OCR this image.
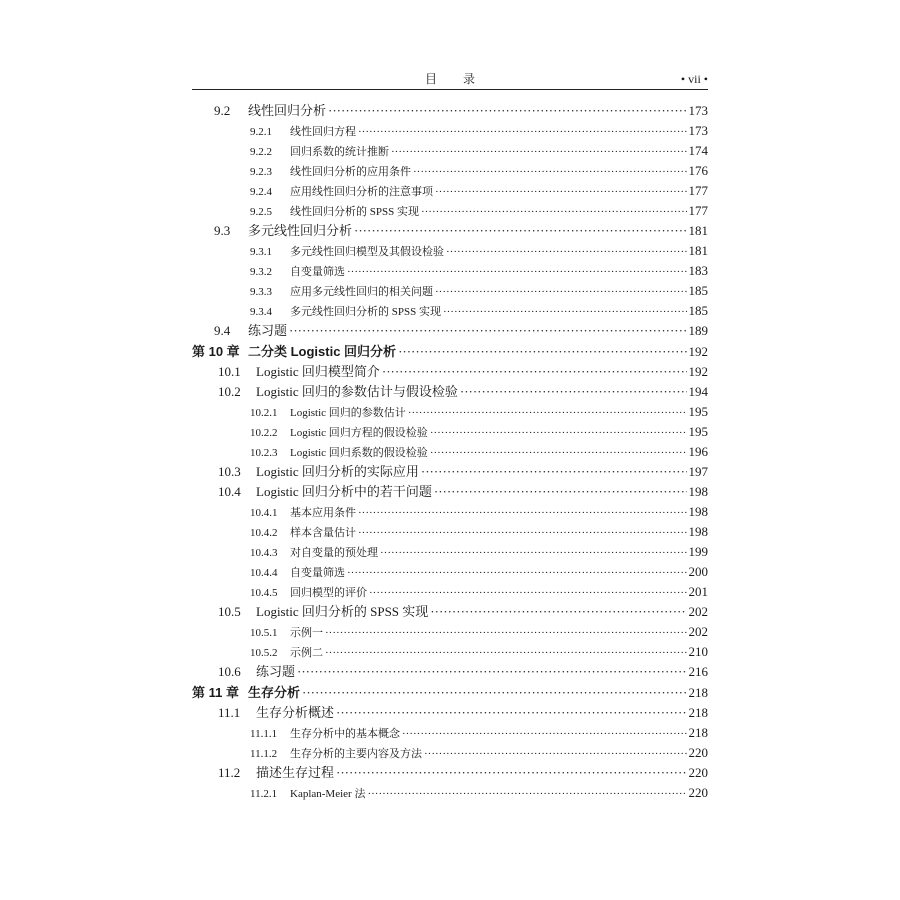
目录	• vii •
9.2	线性回归分析 ·····	173
9.2.1	线性回归方程 ·····	173
9.2.2	回归系数的统计推断 ·····	174
9.2.3	线性回归分析的应用条件 ·····	176
9.2.4	应用线性回归分析的注意事项 ·····	177
9.2.5	线性回归分析的 SPSS 实现 ·····	177
9.3	多元线性回归分析 ·····	181
9.3.1	多元线性回归模型及其假设检验 ·····	181
9.3.2	自变量筛选 ·····	183
9.3.3	应用多元线性回归的相关问题 ·····	185
9.3.4	多元线性回归分析的 SPSS 实现 ·····	185
9.4	练习题 ·····	189
第 10 章 二分类 Logistic 回归分析 ·····	192
10.1	Logistic 回归模型简介 ·····	192
10.2	Logistic 回归的参数估计与假设检验 ·····	194
10.2.1	Logistic 回归的参数估计 ·····	195
10.2.2	Logistic 回归方程的假设检验 ·····	195
10.2.3	Logistic 回归系数的假设检验 ·····	196
10.3	Logistic 回归分析的实际应用 ·····	197
10.4	Logistic 回归分析中的若干问题 ·····	198
10.4.1	基本应用条件 ·····	198
10.4.2	样本含量估计 ·····	198
10.4.3	对自变量的预处理 ·····	199
10.4.4	自变量筛选 ·····	200
10.4.5	回归模型的评价 ·····	201
10.5	Logistic 回归分析的 SPSS 实现 ·····	202
10.5.1	示例一 ·····	202
10.5.2	示例二 ·····	210
10.6	练习题 ·····	216
第 11 章 生存分析 ·····	218
11.1	生存分析概述 ·····	218
11.1.1	生存分析中的基本概念 ·····	218
11.1.2	生存分析的主要内容及方法 ·····	220
11.2	描述生存过程 ·····	220
11.2.1	Kaplan-Meier 法 ·····	220
